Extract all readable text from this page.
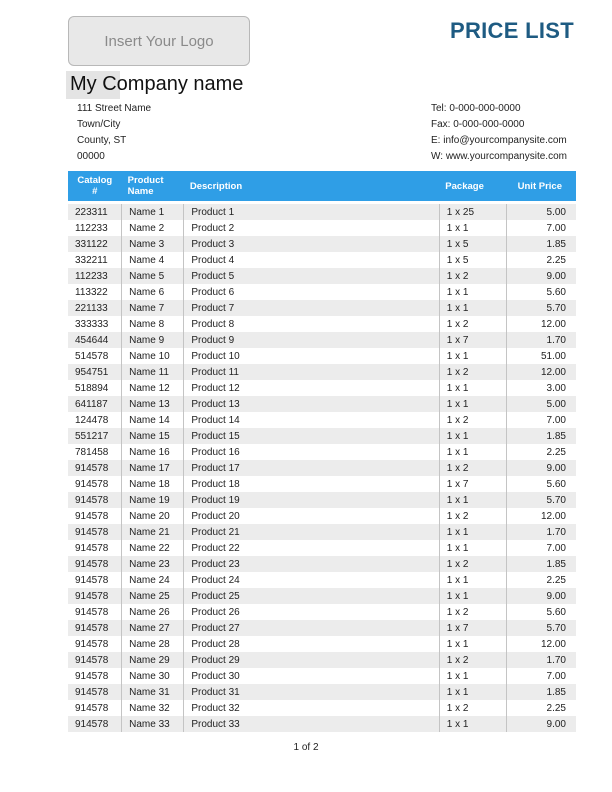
Insert Your Logo	PRICE LIST
My Company name
111 Street Name
Town/City
County, ST
00000
Tel: 0-000-000-0000
Fax: 0-000-000-0000
E: info@yourcompanysite.com
W: www.yourcompanysite.com
Catalog
#	Product Name	Description	Package	Unit Price

223311	Name 1	Product 1	1 x 25	5.00
112233	Name 2	Product 2	1 x 1	7.00
331122	Name 3	Product 3	1 x 5	1.85
332211	Name 4	Product 4	1 x 5	2.25
112233	Name 5	Product 5	1 x 2	9.00
113322	Name 6	Product 6	1 x 1	5.60
221133	Name 7	Product 7	1 x 1	5.70
333333	Name 8	Product 8	1 x 2	12.00
454644	Name 9	Product 9	1 x 7	1.70
514578	Name 10	Product 10	1 x 1	51.00
954751	Name 11	Product 11	1 x 2	12.00
518894	Name 12	Product 12	1 x 1	3.00
641187	Name 13	Product 13	1 x 1	5.00
124478	Name 14	Product 14	1 x 2	7.00
551217	Name 15	Product 15	1 x 1	1.85
781458	Name 16	Product 16	1 x 1	2.25
914578	Name 17	Product 17	1 x 2	9.00
914578	Name 18	Product 18	1 x 7	5.60
914578	Name 19	Product 19	1 x 1	5.70
914578	Name 20	Product 20	1 x 2	12.00
914578	Name 21	Product 21	1 x 1	1.70
914578	Name 22	Product 22	1 x 1	7.00
914578	Name 23	Product 23	1 x 2	1.85
914578	Name 24	Product 24	1 x 1	2.25
914578	Name 25	Product 25	1 x 1	9.00
914578	Name 26	Product 26	1 x 2	5.60
914578	Name 27	Product 27	1 x 7	5.70
914578	Name 28	Product 28	1 x 1	12.00
914578	Name 29	Product 29	1 x 2	1.70
914578	Name 30	Product 30	1 x 1	7.00
914578	Name 31	Product 31	1 x 1	1.85
914578	Name 32	Product 32	1 x 2	2.25
914578	Name 33	Product 33	1 x 1	9.00
1 of 2
